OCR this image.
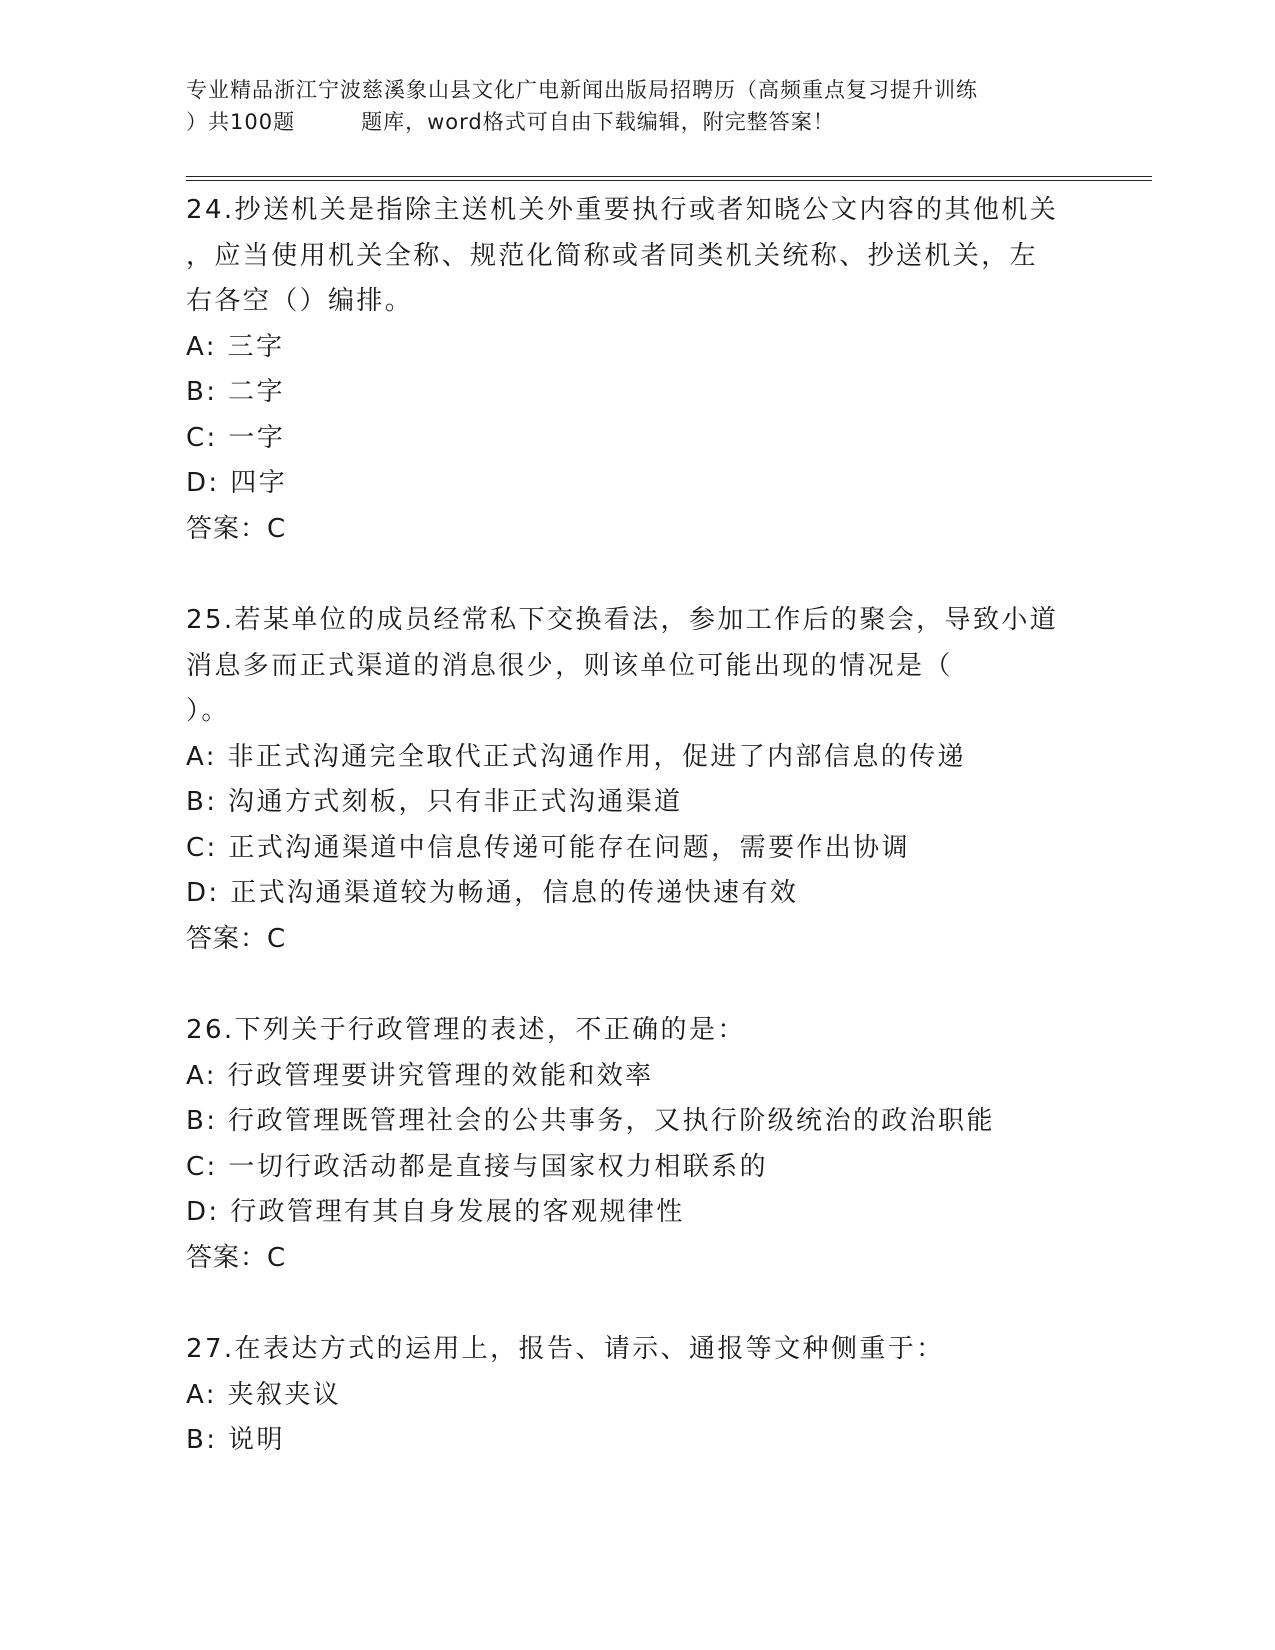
专业精品浙江宁波慈溪象山县文化广电新闻出版局招聘历（高频重点复习提升训练
）共100题　　　题库，word格式可自由下载编辑，附完整答案！
24.抄送机关是指除主送机关外重要执行或者知晓公文内容的其他机关
，应当使用机关全称、规范化简称或者同类机关统称、抄送机关，左
右各空（）编排。
A: 三字
B: 二字
C: 一字
D: 四字
答案：C
25.若某单位的成员经常私下交换看法，参加工作后的聚会，导致小道
消息多而正式渠道的消息很少，则该单位可能出现的情况是（
）。
A: 非正式沟通完全取代正式沟通作用，促进了内部信息的传递
B: 沟通方式刻板，只有非正式沟通渠道
C: 正式沟通渠道中信息传递可能存在问题，需要作出协调
D: 正式沟通渠道较为畅通，信息的传递快速有效
答案：C
26.下列关于行政管理的表述，不正确的是：
A: 行政管理要讲究管理的效能和效率
B: 行政管理既管理社会的公共事务，又执行阶级统治的政治职能
C: 一切行政活动都是直接与国家权力相联系的
D: 行政管理有其自身发展的客观规律性
答案：C
27.在表达方式的运用上，报告、请示、通报等文种侧重于：
A: 夹叙夹议
B: 说明
